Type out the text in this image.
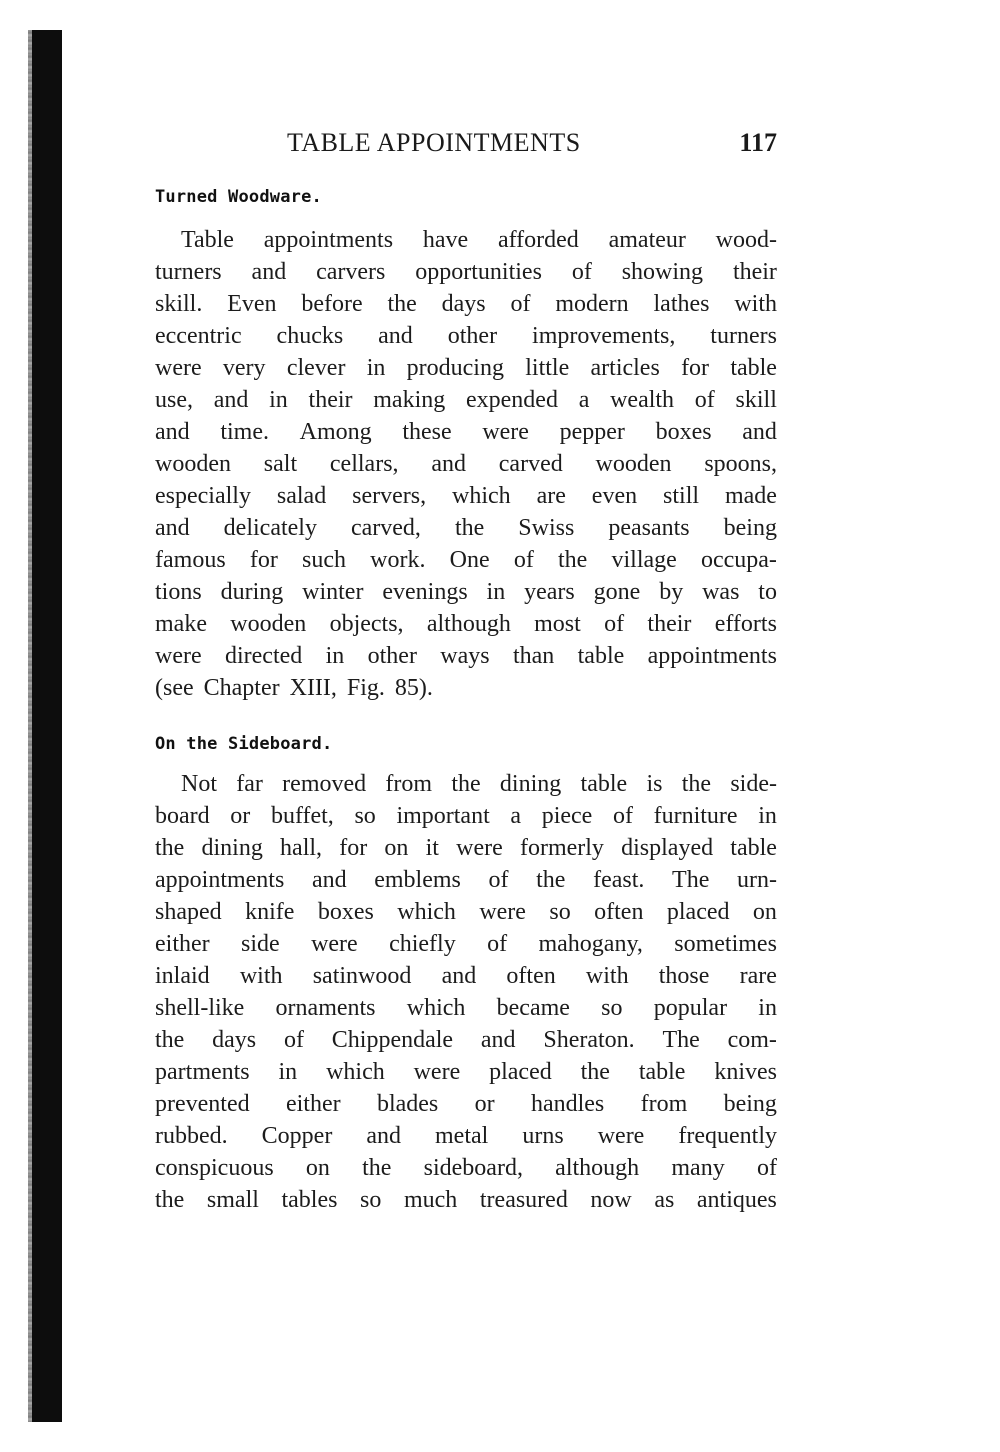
TABLE APPOINTMENTS	117
Turned Woodware.
Table appointments have afforded amateur wood-
turners and carvers opportunities of showing their
skill. Even before the days of modern lathes with
eccentric chucks and other improvements, turners
were very clever in producing little articles for table
use, and in their making expended a wealth of skill
and time. Among these were pepper boxes and
wooden salt cellars, and carved wooden spoons,
especially salad servers, which are even still made
and delicately carved, the Swiss peasants being
famous for such work. One of the village occupa-
tions during winter evenings in years gone by was to
make wooden objects, although most of their efforts
were directed in other ways than table appointments
(see Chapter XIII, Fig. 85).
On the Sideboard.
Not far removed from the dining table is the side-
board or buffet, so important a piece of furniture in
the dining hall, for on it were formerly displayed table
appointments and emblems of the feast. The urn-
shaped knife boxes which were so often placed on
either side were chiefly of mahogany, sometimes
inlaid with satinwood and often with those rare
shell-like ornaments which became so popular in
the days of Chippendale and Sheraton. The com-
partments in which were placed the table knives
prevented either blades or handles from being
rubbed. Copper and metal urns were frequently
conspicuous on the sideboard, although many of
the small tables so much treasured now as antiques
